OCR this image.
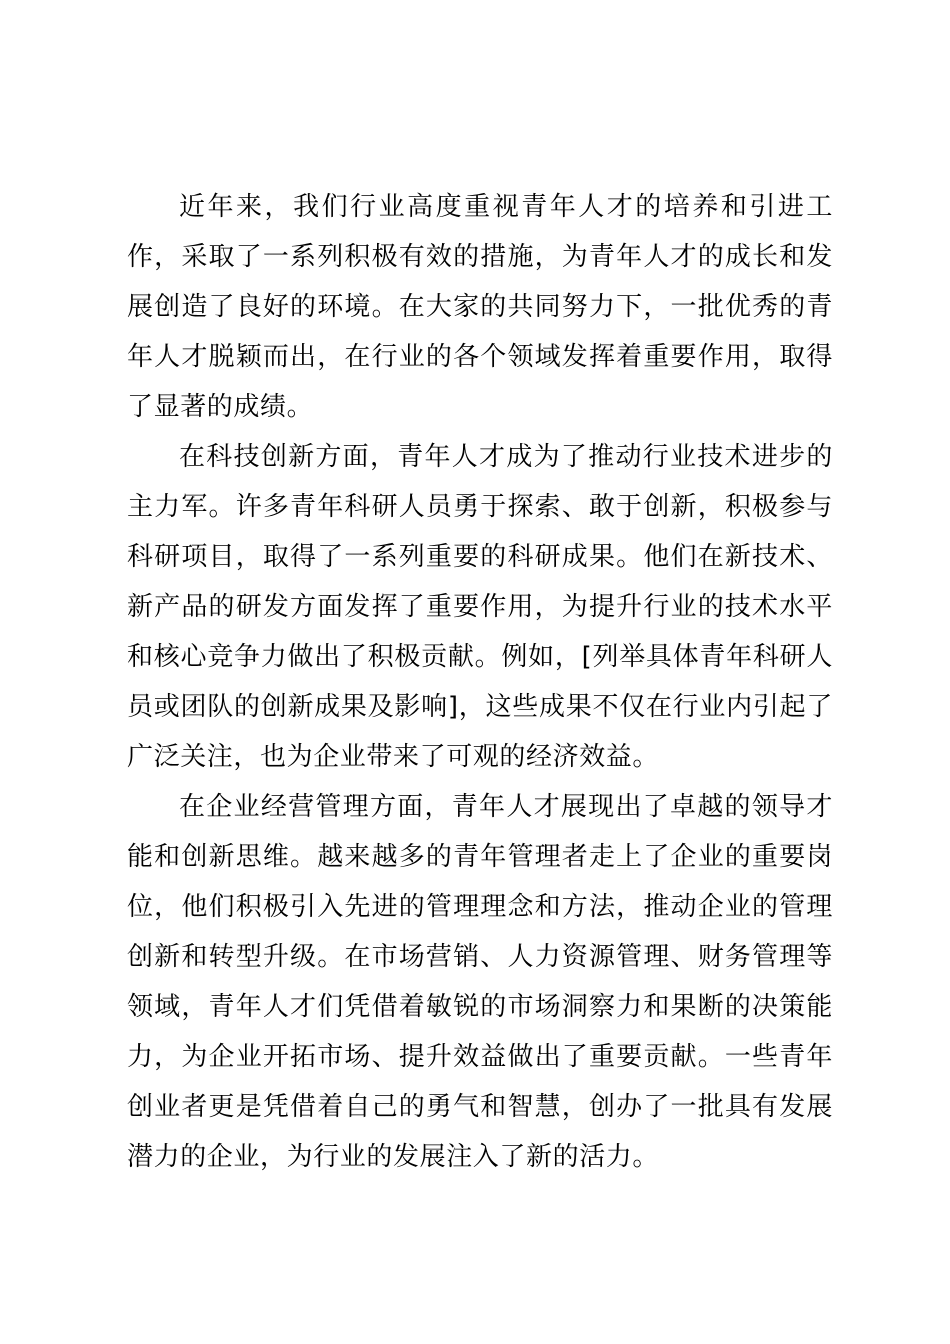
近年来，我们行业高度重视青年人才的培养和引进工作，采取了一系列积极有效的措施，为青年人才的成长和发展创造了良好的环境。在大家的共同努力下，一批优秀的青年人才脱颖而出，在行业的各个领域发挥着重要作用，取得了显著的成绩。

在科技创新方面，青年人才成为了推动行业技术进步的主力军。许多青年科研人员勇于探索、敢于创新，积极参与科研项目，取得了一系列重要的科研成果。他们在新技术、新产品的研发方面发挥了重要作用，为提升行业的技术水平和核心竞争力做出了积极贡献。例如，[列举具体青年科研人员或团队的创新成果及影响]，这些成果不仅在行业内引起了广泛关注，也为企业带来了可观的经济效益。

在企业经营管理方面，青年人才展现出了卓越的领导才能和创新思维。越来越多的青年管理者走上了企业的重要岗位，他们积极引入先进的管理理念和方法，推动企业的管理创新和转型升级。在市场营销、人力资源管理、财务管理等领域，青年人才们凭借着敏锐的市场洞察力和果断的决策能力，为企业开拓市场、提升效益做出了重要贡献。一些青年创业者更是凭借着自己的勇气和智慧，创办了一批具有发展潜力的企业，为行业的发展注入了新的活力。
